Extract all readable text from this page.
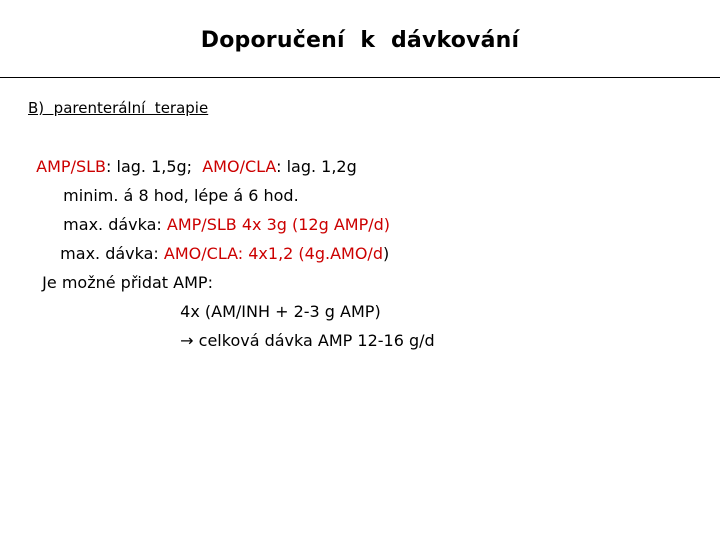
Doporučení  k  dávkování
B)  parenterální  terapie

AMP/SLB: lag. 1,5g;  AMO/CLA: lag. 1,2g

minim. á 8 hod, lépe á 6 hod.

max. dávka: AMP/SLB 4x 3g (12g AMP/d)

max. dávka: AMO/CLA: 4x1,2 (4g.AMO/d)

Je možné přidat AMP:

4x (AM/INH + 2-3 g AMP)

→ celková dávka AMP 12-16 g/d
